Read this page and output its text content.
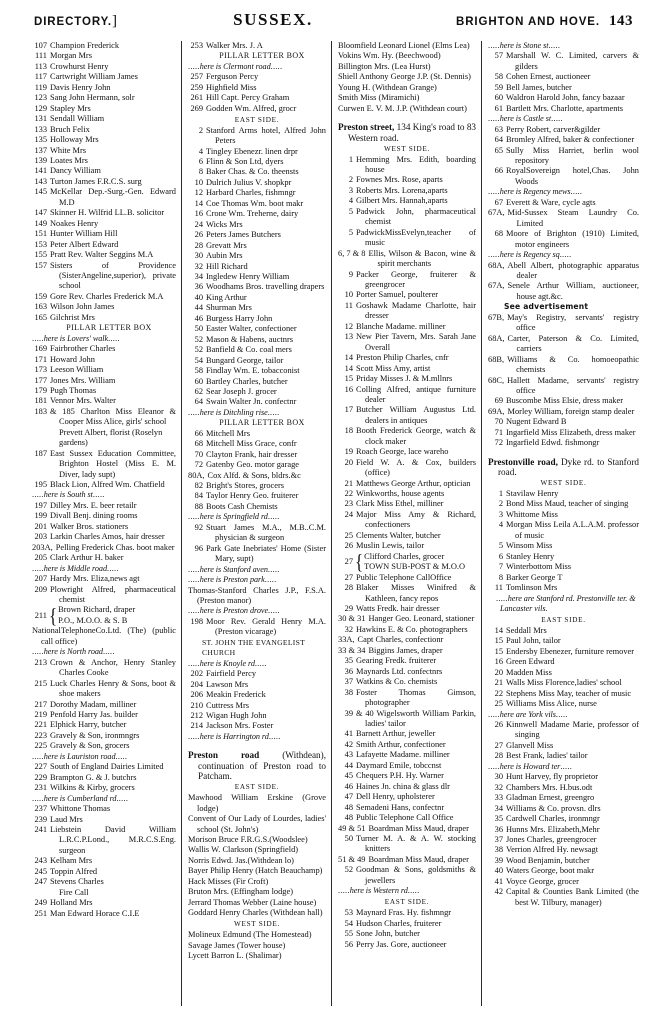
DIRECTORY.]	SUSSEX.	BRIGHTON AND HOVE. 143
107 Champion Frederick
111 Morgan Mrs
113 Crowhurst Henry
117 Cartwright William James
119 Davis Henry John
123 Sang John Hermann, solr
129 Stapley Mrs
131 Sendall William
133 Bruch Felix
135 Holloway Mrs
137 White Mrs
139 Loates Mrs
141 Dancy William
143 Turton James F.R.C.S. surg
145 McKellar Dep.-Surg.-Gen. Edward M.D
147 Skinner H. Wilfrid LL.B. solicitor
149 Noakes Henry
151 Hunter William Hill
153 Peter Albert Edward
155 Pratt Rev. Walter Seggins M.A
157 Sisters of Providence (SisterAngeline,superior), private school
159 Gore Rev. Charles Frederick M.A
163 Wilson John James
165 Gilchrist Mrs
PILLAR LETTER BOX
.....here is Lovers' walk.....
169 Fairbrother Charles
171 Howard John
173 Leeson William
177 Jones Mrs. William
179 Pugh Thomas
181 Vennor Mrs. Walter
183 & 185 Charlton Miss Eleanor & Cooper Miss Alice, girls' school
Prevett Albert, florist (Roselyn gardens)
187 East Sussex Education Committee, Brighton Hostel (Miss E. M. Diver, lady supt)
195 Black Lion, Alfred Wm. Chatfield
.....here is South st.....
197 Dilley Mrs. E. beer retailr
199 Divall Benj. dining rooms
201 Walker Bros. stationers
203 Larkin Charles Amos, hair dresser
203A, Pelling Frederick Chas. boot maker
205 Clark Arthur H. baker
.....here is Middle road.....
207 Hardy Mrs. Eliza,news agt
209 Plowright Alfred, pharmaceutical chemist
211 { Brown Richard, draper
P.O., M.O.O. & S. B
NationalTelephoneCo.Ltd. (The) (public call office)
.....here is North road.....
213 Crown & Anchor, Henry Stanley Charles Cooke
215 Luck Charles Henry & Sons, boot & shoe makers
217 Dorothy Madam, milliner
219 Penfold Harry Jas. builder
221 Elphick Harry, butcher
223 Gravely & Son, ironmngrs
225 Gravely & Son, grocers
.....here is Lauriston road.....
227 South of England Dairies Limited
229 Brampton G. & J. butchrs
231 Wilkins & Kirby, grocers
.....here is Cumberland rd.....
237 Whittone Thomas
239 Laud Mrs
241 Liebstein David William L.R.C.P.Lond., M.R.C.S.Eng. surgeon
243 Kelham Mrs
245 Toppin Alfred
247 Stevens Charles
Fire Call
249 Holland Mrs
251 Man Edward Horace C.I.E
253 Walker Mrs. J. A
PILLAR LETTER BOX
.....here is Clermont road.....
257 Ferguson Percy
259 Highfield Miss
261 Hill Capt. Percy Graham
269 Godden Wm. Alfred, grocr
EAST SIDE.
2 Stanford Arms hotel, Alfred John Peters
4 Tingley Ebenezr. linen drpr
6 Flinn & Son Ltd, dyers
8 Baker Chas. & Co. theensts
10 Dulrich Julius V. shopkpr
12 Harbard Charles, fishmngr
14 Coe Thomas Wm. boot makr
16 Crone Wm. Treherne, dairy
24 Wicks Mrs
26 Peters James Butchers
28 Grevatt Mrs
30 Aubin Mrs
32 Hill Richard
34 Ingledew Henry William
36 Woodhams Bros. travelling drapers
40 King Arthur
44 Shurman Mrs
46 Burgess Harry John
50 Easter Walter, confectioner
52 Mason & Habens, auctnrs
52 Banfield & Co. coal mers
54 Bungard George, tailor
58 Findlay Wm. E. tobacconist
60 Bartley Charles, butcher
62 Sear Joseph J. grocer
64 Swain Walter Jn. confectnr
.....here is Ditchling rise.....
PILLAR LETTER BOX
66 Mitchell Mrs
68 Mitchell Miss Grace, confr
70 Clayton Frank, hair dresser
72 Gatenby Geo. motor garage
80A, Cox Alfd. & Sons, bldrs.&c
82 Bright's Stores, grocers
84 Taylor Henry Geo. fruiterer
88 Boots Cash Chemists
.....here is Springfield rd.....
92 Stuart James M.A., M.B..C.M. physician & surgeon
96 Park Gate Inebriates' Home (Sister Mary, supt)
.....here is Stanford aven.....
.....here is Preston park.....
Thomas-Stanford Charles J.P., F.S.A. (Preston manor)
.....here is Preston drove.....
198 Moor Rev. Gerald Henry M.A. (Preston vicarage)
ST. JOHN THE EVANGELIST
CHURCH
.....here is Knoyle rd.....
202 Fairfield Percy
204 Lawson Mrs
206 Meakin Frederick
210 Cuttress Mrs
212 Wigan Hugh John
214 Jackson Mrs. Foster
.....here is Harrington rd.....
Preston road (Withdean), continuation of Preston road to Patcham.
EAST SIDE.
Mawhood William Erskine (Grove lodge)
Convent of Our Lady of Lourdes, ladies' school (St. John's)
Morison Bruce F.R.G.S.(Woodslee)
Wallis W. Clarkson (Springfield)
Norris Edwd. Jas.(Withdean lo)
Bayer Philip Henry (Hatch Beauchamp)
Hack Misses (Fir Croft)
Bruton Mrs. (Effingham lodge)
Jerrard Thomas Webber (Laine house)
Goddard Henry Charles (Withdean hall)
WEST SIDE.
Molineux Edmund (The Homestead)
Savage James (Tower house)
Lycett Barron L. (Shalimar)
Bloomfield Leonard Lionel (Elms Lea)
Vokins Wm. Hy. (Beechwood)
Billington Mrs. (Lea Hurst)
Shiell Anthony George J.P. (St. Dennis)
Young H. (Withdean Grange)
Smith Miss (Miramichi)
Curwen E. V. M. J.P. (Withdean court)
Preston street, 134 King's road to 83 Western road.
WEST SIDE.
1 Hemming Mrs. Edith, boarding house
2 Fownes Mrs. Rose, aparts
3 Roberts Mrs. Lorena,aparts
4 Gilbert Mrs. Hannah,aparts
5 Padwick John, pharmaceutical chemist
5 PadwickMissEvelyn,teacher of music
6, 7 & 8 Ellis, Wilson & Bacon, wine & spirit merchants
9 Packer George, fruiterer & greengrocer
10 Porter Samuel, poulterer
11 Goshawk Madame Charlotte, hair dresser
12 Blanche Madame. milliner
13 New Pier Tavern, Mrs. Sarah Jane Overall
14 Preston Philip Charles, cnfr
14 Scott Miss Amy, artist
15 Priday Misses J. & M.mllnrs
16 Colling Alfred, antique furniture dealer
17 Butcher William Augustus Ltd. dealers in antiques
18 Booth Frederick George, watch & clock maker
19 Roach George, lace wareho
20 Field W. A. & Cox, builders (office)
21 Matthews George Arthur, optician
22 Winkworths, house agents
23 Clark Miss Ethel, milliner
24 Major Miss Amy & Richard, confectioners
25 Clements Walter, butcher
26 Muslin Lewis, tailor
27 { Clifford Charles, grocer
TOWN SUB-POST & M.O.O
27 Public Telephone CallOffice
28 Blaker Misses Winifred & Kathleen, fancy repos
29 Watts Fredk. hair dresser
30 & 31 Hanger Geo. Leonard, stationer
32 Hawkins E. & Co. photographers
33A, Capt Charles, confectionr
33 & 34 Biggins James, draper
35 Gearing Fredk. fruiterer
36 Maynards Ltd. confectnrs
37 Watkins & Co. chemists
38 Foster Thomas Gimson, photographer
39 & 40 Wigelsworth William Parkin, ladies' tailor
41 Barnett Arthur, jeweller
42 Smith Arthur, confectioner
43 Lafayette Madame. milliner
44 Daymard Emile, tobccnst
45 Chequers P.H. Hy. Warner
46 Haines Jn. china & glass dlr
47 Dell Henry, upholsterer
48 Semadeni Hans, confectnr
48 Public Telephone Call Office
49 & 51 Boardman Miss Maud, draper
50 Turner M. A. & A. W. stocking knitters
51 & 49 Boardman Miss Maud, draper
52 Goodman & Sons, goldsmiths & jewellers
.....here is Western rd.....
EAST SIDE.
53 Maynard Fras. Hy. fishmngr
54 Hudson Charles, fruiterer
55 Sone John, butcher
56 Perry Jas. Gore, auctioneer
.....here is Stone st.....
57 Marshall W. C. Limited, carvers & gilders
58 Cohen Ernest, auctioneer
59 Bell James, butcher
60 Waldron Harold John, fancy bazaar
61 Bartlett Mrs. Charlotte, apartments
.....here is Castle st.....
63 Perry Robert, carver&gilder
64 Bromley Alfred, baker & confectioner
65 Sully Miss Harriet, berlin wool repository
66 RoyalSovereign hotel,Chas. John Woods
.....here is Regency mews.....
67 Everett & Ware, cycle agts
67A, Mid-Sussex Steam Laundry Co. Limited
68 Moore of Brighton (1910) Limited, motor engineers
.....here is Regency sq.....
68A, Abell Albert, photographic apparatus dealer
67A, Senele Arthur William, auctioneer, house agt.&c.
See advertisement
67B, May's Registry, servants' registry office
68A, Carter, Paterson & Co. Limited, carriers
68B, Williams & Co. homoeopathic chemists
68C, Hallett Madame, servants' registry office
69 Buscombe Miss Elsie, dress maker
69A, Morley William, foreign stamp dealer
70 Nugent Edward B
71 Ingarfield Miss Elizabeth, dress maker
72 Ingarfield Edwd. fishmongr
Prestonville road, Dyke rd. to Stanford road.
WEST SIDE.
1 Stavilaw Henry
2 Bond Miss Maud, teacher of singing
3 Whittome Miss
4 Morgan Miss Leila A.L.A.M. professor of music
5 Winsom Miss
6 Stanley Henry
7 Winterbottom Miss
8 Barker George T
11 Tomlinson Mrs
.....here are Stanford rd. Prestonville ter. & Lancaster vils.
EAST SIDE.
14 Seddall Mrs
15 Paul John, tailor
15 Endersby Ebenezer, furniture remover
16 Green Edward
20 Madden Miss
21 Walls Miss Florence,ladies' school
22 Stephens Miss May, teacher of music
25 Williams Miss Alice, nurse
.....here are York vils.....
26 Kinnwell Madame Marie, professor of singing
27 Glanvell Miss
28 Best Frank, ladies' tailor
.....here is Howard ter.....
30 Hunt Harvey, fly proprietor
32 Chambers Mrs. H.bus.odt
33 Gladman Ernest, greengro
34 Williams & Co. provsn. dlrs
35 Cardwell Charles, ironmngr
36 Hunns Mrs. Elizabeth,Mehr
37 Jones Charles, greengrocer
38 Verrion Alfred Hy. newsagt
39 Wood Benjamin, butcher
40 Waters George, boot makr
41 Voyce George, grocer
42 Capital & Counties Bank Limited (the best W. Tilbury, manager)
